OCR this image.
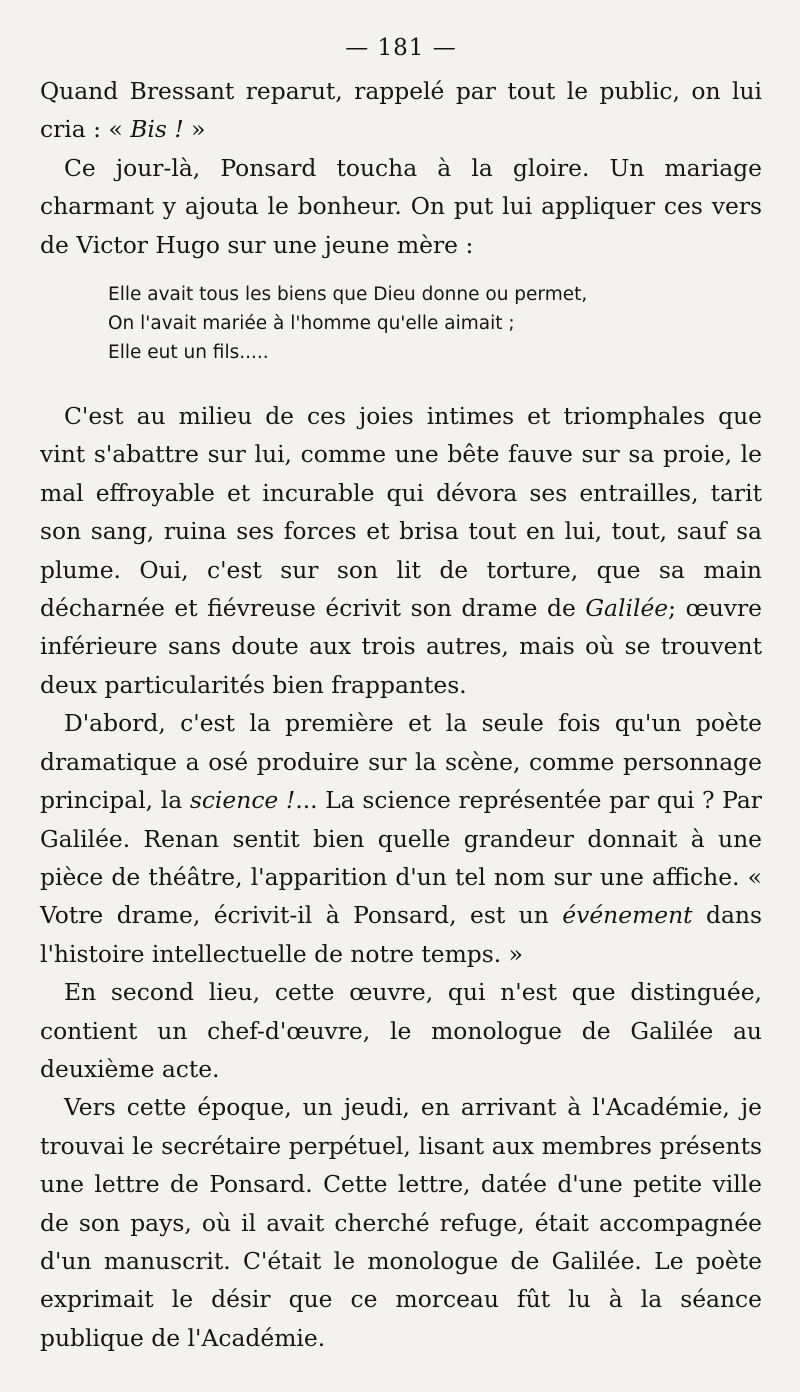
— 181 —

Quand Bressant reparut, rappelé par tout le public, on lui cria : « Bis ! »

Ce jour-là, Ponsard toucha à la gloire. Un mariage charmant y ajouta le bonheur. On put lui appliquer ces vers de Victor Hugo sur une jeune mère :

Elle avait tous les biens que Dieu donne ou permet,
On l'avait mariée à l'homme qu'elle aimait ;
Elle eut un fils.....

C'est au milieu de ces joies intimes et triomphales que vint s'abattre sur lui, comme une bête fauve sur sa proie, le mal effroyable et incurable qui dévora ses entrailles, tarit son sang, ruina ses forces et brisa tout en lui, tout, sauf sa plume. Oui, c'est sur son lit de torture, que sa main décharnée et fiévreuse écrivit son drame de Galilée; œuvre inférieure sans doute aux trois autres, mais où se trouvent deux particularités bien frappantes.

D'abord, c'est la première et la seule fois qu'un poète dramatique a osé produire sur la scène, comme personnage principal, la science !... La science représentée par qui ? Par Galilée. Renan sentit bien quelle grandeur donnait à une pièce de théâtre, l'apparition d'un tel nom sur une affiche. « Votre drame, écrivit-il à Ponsard, est un événement dans l'histoire intellectuelle de notre temps. »

En second lieu, cette œuvre, qui n'est que distinguée, contient un chef-d'œuvre, le monologue de Galilée au deuxième acte.

Vers cette époque, un jeudi, en arrivant à l'Académie, je trouvai le secrétaire perpétuel, lisant aux membres présents une lettre de Ponsard. Cette lettre, datée d'une petite ville de son pays, où il avait cherché refuge, était accompagnée d'un manuscrit. C'était le monologue de Galilée. Le poète exprimait le désir que ce morceau fût lu à la séance publique de l'Académie.
